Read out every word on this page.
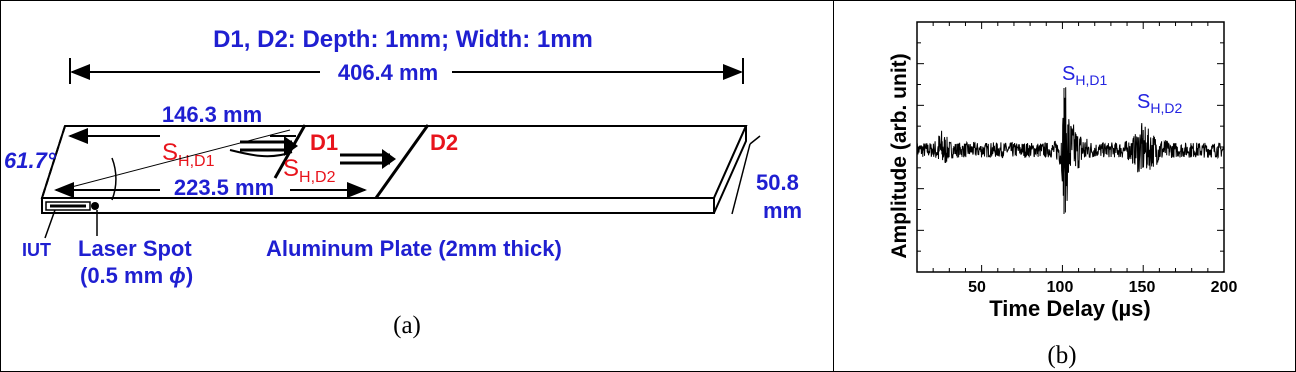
D1, D2: Depth: 1mm; Width: 1mm
406.4 mm
D1	D2
$S_{H,D1}$	$S_{H,D2}$
146.3 mm
223.5 mm
61.7°
50.8
mm
IUT Laser Spot
(0.5 mm ϕ)
Aluminum Plate (2mm thick)
(a)
50	100	150	200
Time Delay (µs)
Amplitude (arb. unit)	$S_{H,D1}$
$S_{H,D2}$
(b)
